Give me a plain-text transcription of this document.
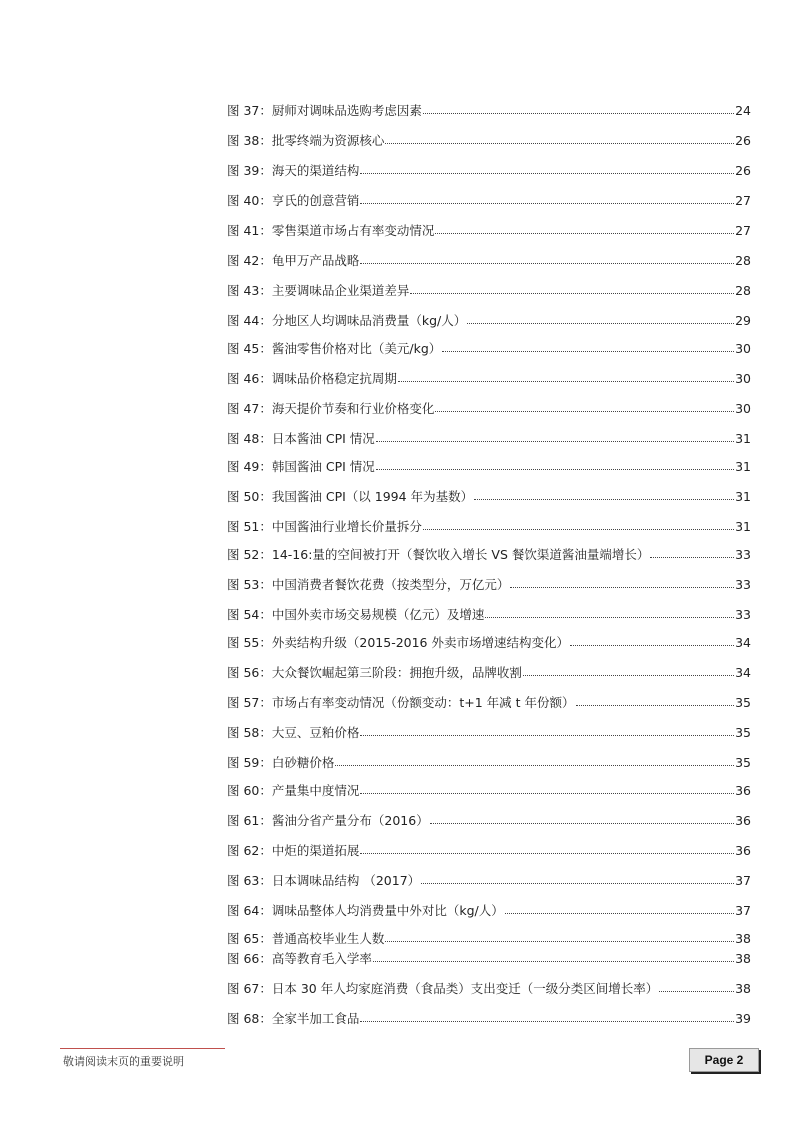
图 37：厨师对调味品选购考虑因素	24
图 38：批零终端为资源核心	26
图 39：海天的渠道结构	26
图 40：亨氏的创意营销	27
图 41：零售渠道市场占有率变动情况	27
图 42：龟甲万产品战略	28
图 43：主要调味品企业渠道差异	28
图 44：分地区人均调味品消费量（kg/人）	29
图 45：酱油零售价格对比（美元/kg）	30
图 46：调味品价格稳定抗周期	30
图 47：海天提价节奏和行业价格变化	30
图 48：日本酱油 CPI 情况	31
图 49：韩国酱油 CPI 情况	31
图 50：我国酱油 CPI（以 1994 年为基数）	31
图 51：中国酱油行业增长价量拆分	31
图 52：14-16:量的空间被打开（餐饮收入增长 VS 餐饮渠道酱油量端增长）	33
图 53：中国消费者餐饮花费（按类型分，万亿元）	33
图 54：中国外卖市场交易规模（亿元）及增速	33
图 55：外卖结构升级（2015-2016 外卖市场增速结构变化）	34
图 56：大众餐饮崛起第三阶段：拥抱升级，品牌收割	34
图 57：市场占有率变动情况（份额变动：t+1 年减 t 年份额）	35
图 58：大豆、豆粕价格	35
图 59：白砂糖价格	35
图 60：产量集中度情况	36
图 61：酱油分省产量分布（2016）	36
图 62：中炬的渠道拓展	36
图 63：日本调味品结构 （2017）	37
图 64：调味品整体人均消费量中外对比（kg/人）	37
图 65：普通高校毕业生人数	38
图 66：高等教育毛入学率	38
图 67：日本 30 年人均家庭消费（食品类）支出变迁（一级分类区间增长率）	38
图 68：全家半加工食品	39
敬请阅读末页的重要说明	Page 2
